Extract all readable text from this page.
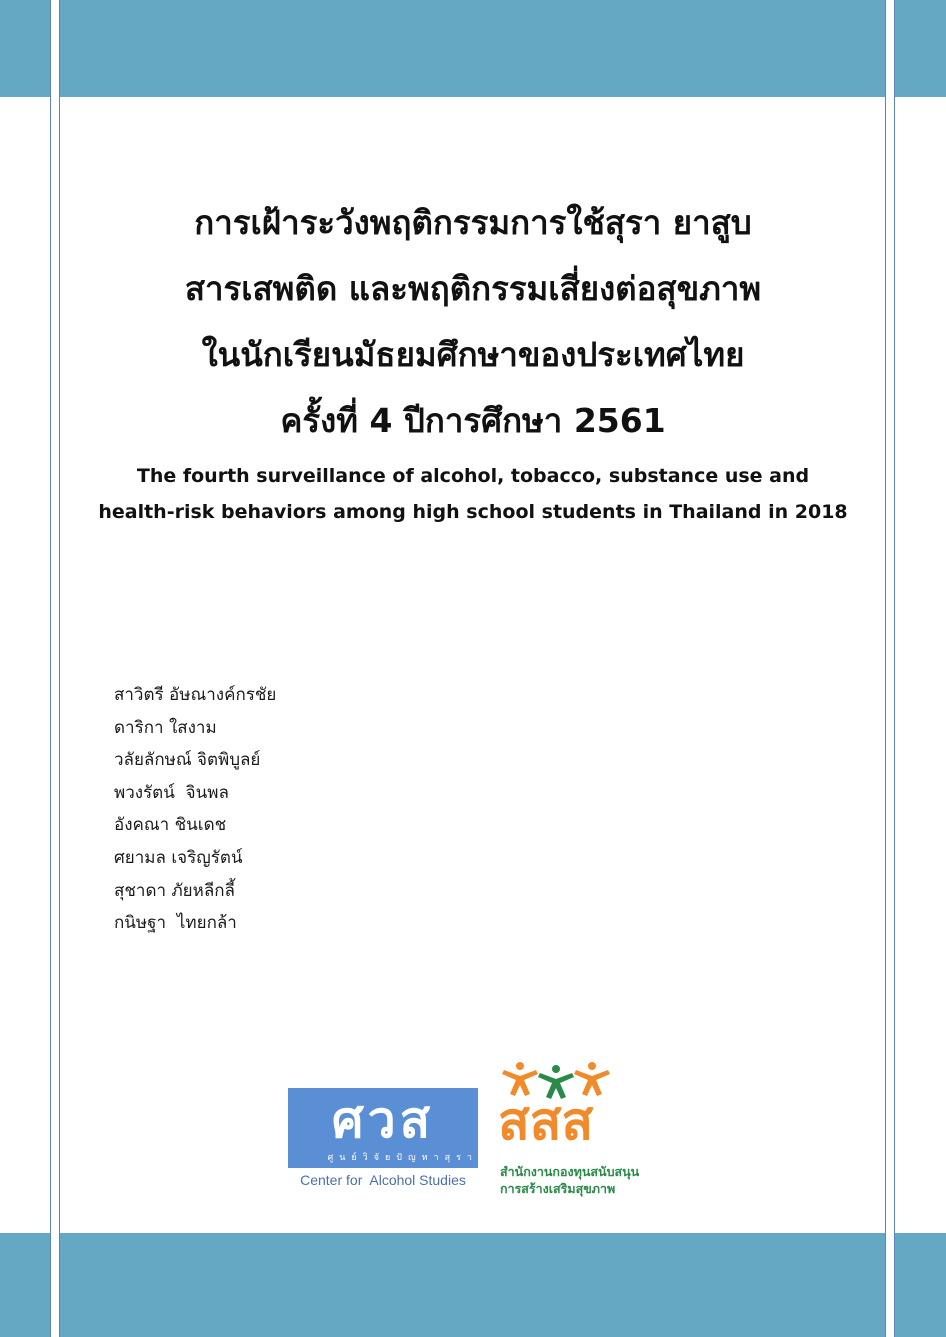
การเฝ้าระวังพฤติกรรมการใช้สุรา ยาสูบ

สารเสพติด และพฤติกรรมเสี่ยงต่อสุขภาพ

ในนักเรียนมัธยมศึกษาของประเทศไทย

ครั้งที่ 4 ปีการศึกษา 2561

The fourth surveillance of alcohol, tobacco, substance use and
health-risk behaviors among high school students in Thailand in 2018

สาวิตรี อัษณางค์กรชัย
ดาริกา ใสงาม
วลัยลักษณ์ จิตพิบูลย์
พวงรัตน์  จินพล
อังคณา ชินเดช
ศยามล เจริญรัตน์
สุชาดา ภัยหลีกลี้
กนิษฐา  ไทยกล้า
ศวส
ศูนย์วิจัยปัญหาสุรา
Center for  Alcohol Studies
สสส
สำนักงานกองทุนสนับสนุน
การสร้างเสริมสุขภาพ
